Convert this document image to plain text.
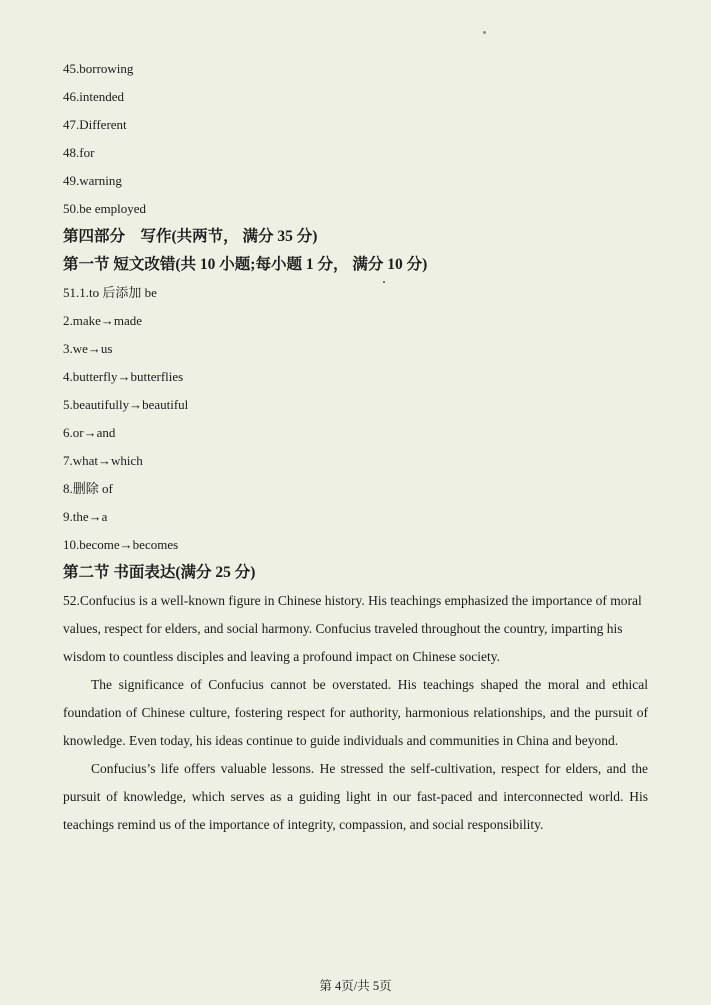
45.borrowing
46.intended
47.Different
48.for
49.warning
50.be employed
第四部分　写作(共两节， 满分 35 分)
第一节 短文改错(共 10 小题;每小题 1 分， 满分 10 分)
51.1.to 后添加 be
2.make→made
3.we→us
4.butterfly→butterflies
5.beautifully→beautiful
6.or→and
7.what→which
8.删除 of
9.the→a
10.become→becomes
第二节 书面表达(满分 25 分)

52.Confucius is a well-known figure in Chinese history. His teachings emphasized the importance of moral values, respect for elders, and social harmony. Confucius traveled throughout the country, imparting his wisdom to countless disciples and leaving a profound impact on Chinese society.

The significance of Confucius cannot be overstated. His teachings shaped the moral and ethical foundation of Chinese culture, fostering respect for authority, harmonious relationships, and the pursuit of knowledge. Even today, his ideas continue to guide individuals and communities in China and beyond.

Confucius’s life offers valuable lessons. He stressed the self-cultivation, respect for elders, and the pursuit of knowledge, which serves as a guiding light in our fast-paced and interconnected world. His teachings remind us of the importance of integrity, compassion, and social responsibility.

第 4页/共 5页
